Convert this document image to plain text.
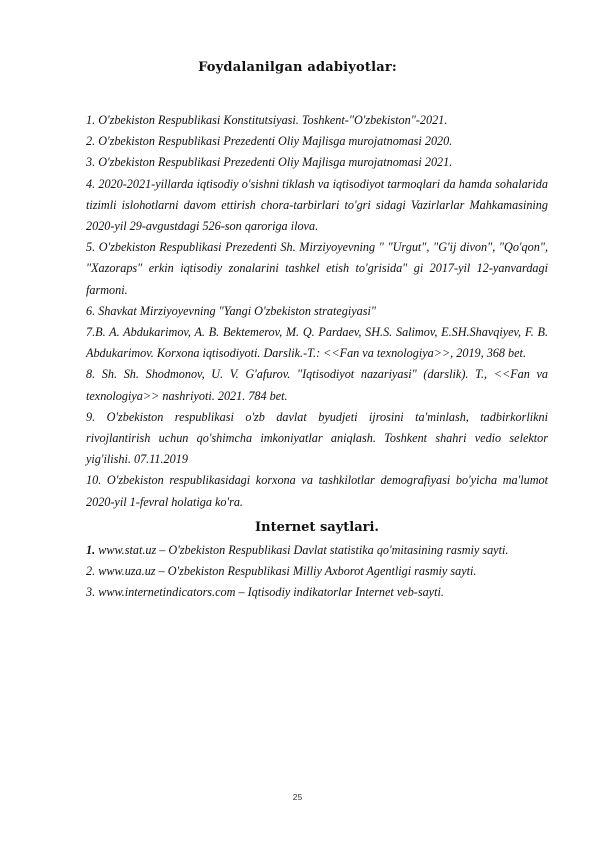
Foydalanilgan adabiyotlar:

1. O'zbekiston Respublikasi Konstitutsiyasi. Toshkent-"O'zbekiston"-2021.

2. O'zbekiston Respublikasi Prezedenti Oliy Majlisga murojatnomasi 2020.

3. O'zbekiston Respublikasi Prezedenti Oliy Majlisga murojatnomasi 2021.

4. 2020-2021-yillarda iqtisodiy o'sishni tiklash va iqtisodiyot tarmoqlari da hamda sohalarida tizimli islohotlarni davom ettirish chora-tarbirlari to'gri sidagi Vazirlarlar Mahkamasining 2020-yil 29-avgustdagi 526-son qaroriga ilova.

5. O'zbekiston Respublikasi Prezedenti Sh. Mirziyoyevning " "Urgut", "G'ij divon", "Qo'qon", "Xazoraps" erkin iqtisodiy zonalarini tashkel etish to'grisida" gi 2017-yil 12-yanvardagi farmoni.

6. Shavkat Mirziyoyevning "Yangi O'zbekiston strategiyasi"

7.B. A. Abdukarimov, A. B. Bektemerov, M. Q. Pardaev, SH.S. Salimov, E.SH.Shavqiyev, F. B. Abdukarimov. Korxona iqtisodiyoti. Darslik.-T.: <<Fan va texnologiya>>, 2019, 368 bet.

8. Sh. Sh. Shodmonov, U. V. G'afurov. "Iqtisodiyot nazariyasi" (darslik). T., <<Fan va texnologiya>> nashriyoti. 2021. 784 bet.

9. O'zbekiston respublikasi o'zb davlat byudjeti ijrosini ta'minlash, tadbirkorlikni rivojlantirish uchun qo'shimcha imkoniyatlar aniqlash. Toshkent shahri vedio selektor yig'ilishi. 07.11.2019

10. O'zbekiston respublikasidagi korxona va tashkilotlar demografiyasi bo'yicha ma'lumot 2020-yil 1-fevral holatiga ko'ra.

Internet saytlari.

1. www.stat.uz – O'zbekiston Respublikasi Davlat statistika qo'mitasining rasmiy sayti.

2. www.uza.uz – O'zbekiston Respublikasi Milliy Axborot Agentligi rasmiy sayti.

3. www.internetindicators.com – Iqtisodiy indikatorlar Internet veb-sayti.

25
